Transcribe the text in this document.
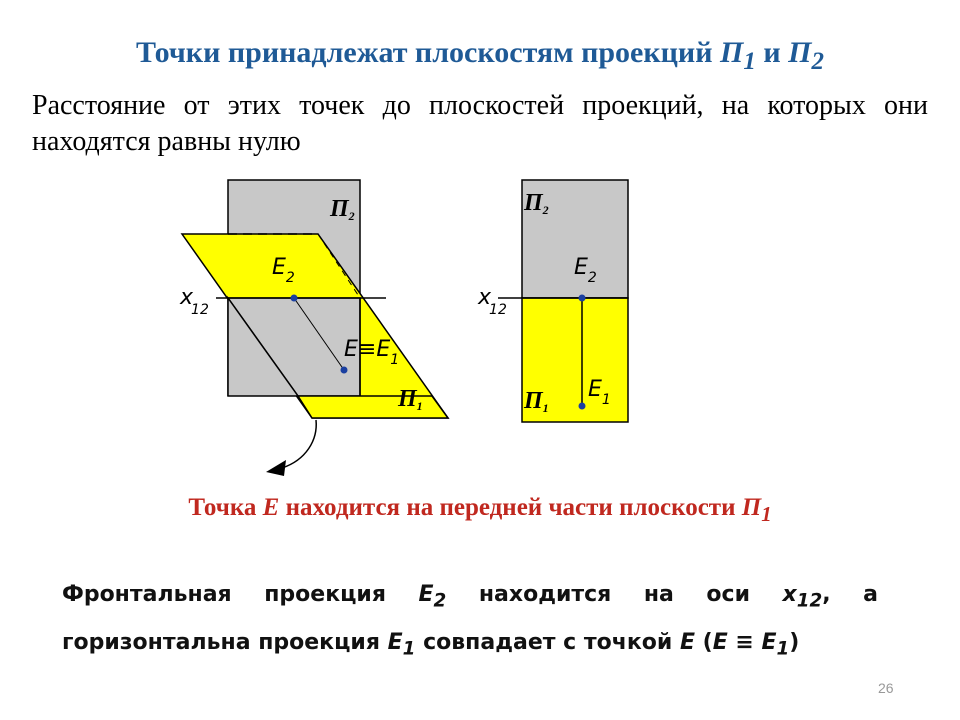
Точки принадлежат плоскостям проекций $П_1$ и $П_2$
Расстояние от этих точек до плоскостей проекций, на которых они находятся равны нулю
П2
П1
x12
$E_2$
$E\equiv E_1$
П2
П1
x12
$E_2$
$E_1$
Точка E находится на передней части плоскости $П_1$
Фронтальная проекция $E_2$ находится на оси $x_{12}$, а горизонтальна проекция $E_1$ совпадает с точкой E $(E \equiv E_1)$
26
